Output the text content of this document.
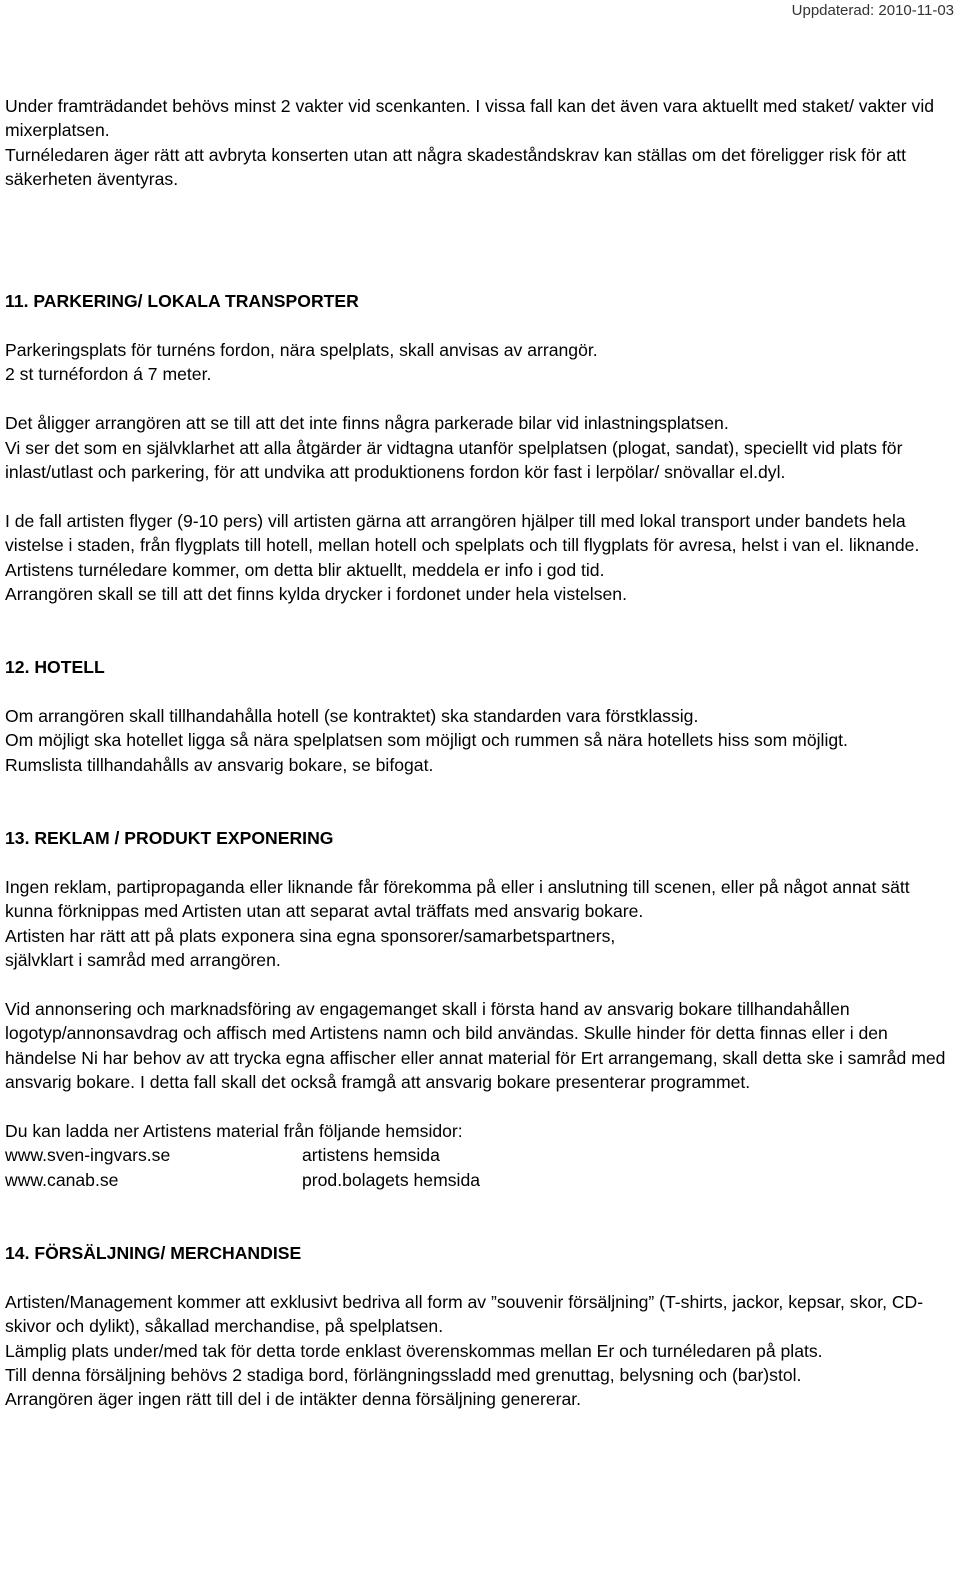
Uppdaterad: 2010-11-03

Under framträdandet behövs minst 2 vakter vid scenkanten. I vissa fall kan det även vara aktuellt med staket/ vakter vid mixerplatsen.

Turnéledaren äger rätt att avbryta konserten utan att några skadeståndskrav kan ställas om det föreligger risk för att säkerheten äventyras.

11. PARKERING/ LOKALA TRANSPORTER

Parkeringsplats för turnéns fordon, nära spelplats, skall anvisas av arrangör.

2 st turnéfordon á 7 meter.

Det åligger arrangören att se till att det inte finns några parkerade bilar vid inlastningsplatsen.

Vi ser det som en självklarhet att alla åtgärder är vidtagna utanför spelplatsen (plogat, sandat), speciellt vid plats för inlast/utlast och parkering, för att undvika att produktionens fordon kör fast i lerpölar/ snövallar el.dyl.

I de fall artisten flyger (9-10 pers) vill artisten gärna att arrangören hjälper till med lokal transport under bandets hela vistelse i staden, från flygplats till hotell, mellan hotell och spelplats och till flygplats för avresa, helst i van el. liknande.

Artistens turnéledare kommer, om detta blir aktuellt, meddela er info i god tid.

Arrangören skall se till att det finns kylda drycker i fordonet under hela vistelsen.

12. HOTELL

Om arrangören skall tillhandahålla hotell (se kontraktet) ska standarden vara förstklassig.

Om möjligt ska hotellet ligga så nära spelplatsen som möjligt och rummen så nära hotellets hiss som möjligt.

Rumslista tillhandahålls av ansvarig bokare, se bifogat.

13. REKLAM / PRODUKT EXPONERING

Ingen reklam, partipropaganda eller liknande får förekomma på eller i anslutning till scenen, eller på något annat sätt kunna förknippas med Artisten utan att separat avtal träffats med ansvarig bokare.

Artisten har rätt att på plats exponera sina egna sponsorer/samarbetspartners,

självklart i samråd med arrangören.

Vid annonsering och marknadsföring av engagemanget skall i första hand av ansvarig bokare tillhandahållen logotyp/annonsavdrag och affisch med Artistens namn och bild användas. Skulle hinder för detta finnas eller i den händelse Ni har behov av att trycka egna affischer eller annat material för Ert arrangemang, skall detta ske i samråd med ansvarig bokare. I detta fall skall det också framgå att ansvarig bokare presenterar programmet.

Du kan ladda ner Artistens material från följande hemsidor:

www.sven-ingvars.se	artistens hemsida
www.canab.se	prod.bolagets hemsida
14. FÖRSÄLJNING/ MERCHANDISE

Artisten/Management kommer att exklusivt bedriva all form av ”souvenir försäljning” (T-shirts, jackor, kepsar, skor, CD-skivor och dylikt), såkallad merchandise, på spelplatsen.

Lämplig plats under/med tak för detta torde enklast överenskommas mellan Er och turnéledaren på plats.

Till denna försäljning behövs 2 stadiga bord, förlängningssladd med grenuttag, belysning och (bar)stol.

Arrangören äger ingen rätt till del i de intäkter denna försäljning genererar.
